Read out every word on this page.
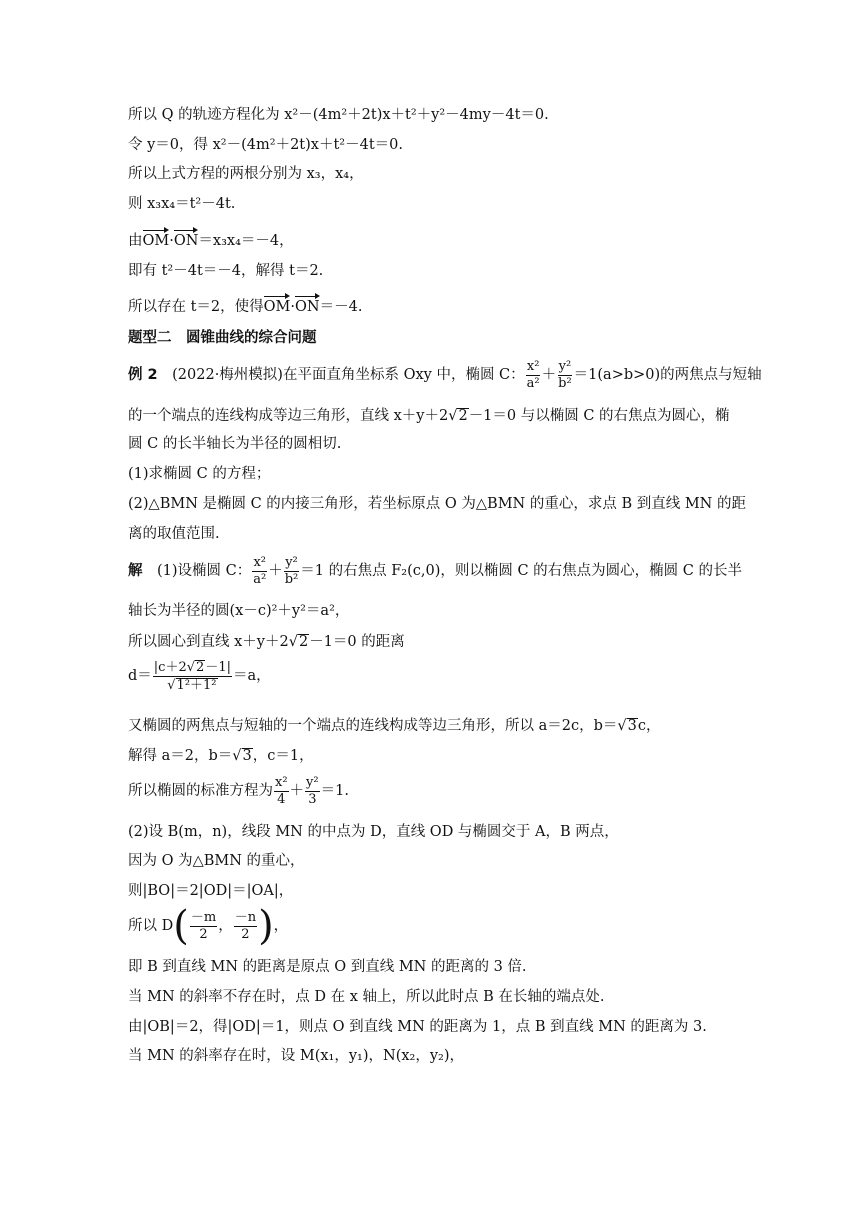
所以 Q 的轨迹方程化为 x²－(4m²＋2t)x＋t²＋y²－4my－4t＝0.
令 y＝0，得 x²－(4m²＋2t)x＋t²－4t＝0.
所以上式方程的两根分别为 x₃，x₄，
则 x₃x₄＝t²－4t.
由OM·ON＝x₃x₄＝－4，
即有 t²－4t＝－4，解得 t＝2.
所以存在 t＝2，使得OM·ON＝－4.
题型二　圆锥曲线的综合问题
例 2　(2022·梅州模拟)在平面直角坐标系 Oxy 中，椭圆 C： $\frac{\text{x²}}{\text{a²}} + \frac{\text{y²}}{\text{b²}} =1(a>b>0)$的两焦点与短轴
的一个端点的连线构成等边三角形，直线 x＋y＋2 √ 2 －1＝0 与以椭圆 C 的右焦点为圆心，椭
圆 C 的长半轴长为半径的圆相切.
(1)求椭圆 C 的方程；
(2)△BMN 是椭圆 C 的内接三角形，若坐标原点 O 为△BMN 的重心，求点 B 到直线 MN 的距
离的取值范围.
解　(1)设椭圆 C： $\frac{\text{x²}}{\text{a²}} + \frac{\text{y²}}{\text{b²}} =1$ 的右焦点 F₂(c,0)，则以椭圆 C 的右焦点为圆心，椭圆 C 的长半
轴长为半径的圆(x－c)²＋y²＝a²，
所以圆心到直线 x＋y＋2 √ 2 －1＝0 的距离
$d= \frac{|c+2 √ 2 -1|}{\text{√ 1²＋1²}} =a$，
又椭圆的两焦点与短轴的一个端点的连线构成等边三角形，所以 a＝2c，b＝ √ 3 c，
解得 a＝2，b＝ √ 3 ，c＝1，
所以椭圆的标准方程为 $\frac{\text{x²}}{4} + \frac{\text{y²}}{3} =1$.
(2)设 B(m，n)，线段 MN 的中点为 D，直线 OD 与椭圆交于 A，B 两点，
因为 O 为△BMN 的重心，
则|BO|＝2|OD|＝|OA|，
所以 $D( \frac{-m}{2}$ ， $\frac{-n}{2}$ )，
即 B 到直线 MN 的距离是原点 O 到直线 MN 的距离的 3 倍.
当 MN 的斜率不存在时，点 D 在 x 轴上，所以此时点 B 在长轴的端点处.
由|OB|＝2，得|OD|＝1，则点 O 到直线 MN 的距离为 1，点 B 到直线 MN 的距离为 3.
当 MN 的斜率存在时，设 M(x₁，y₁)，N(x₂，y₂)，
